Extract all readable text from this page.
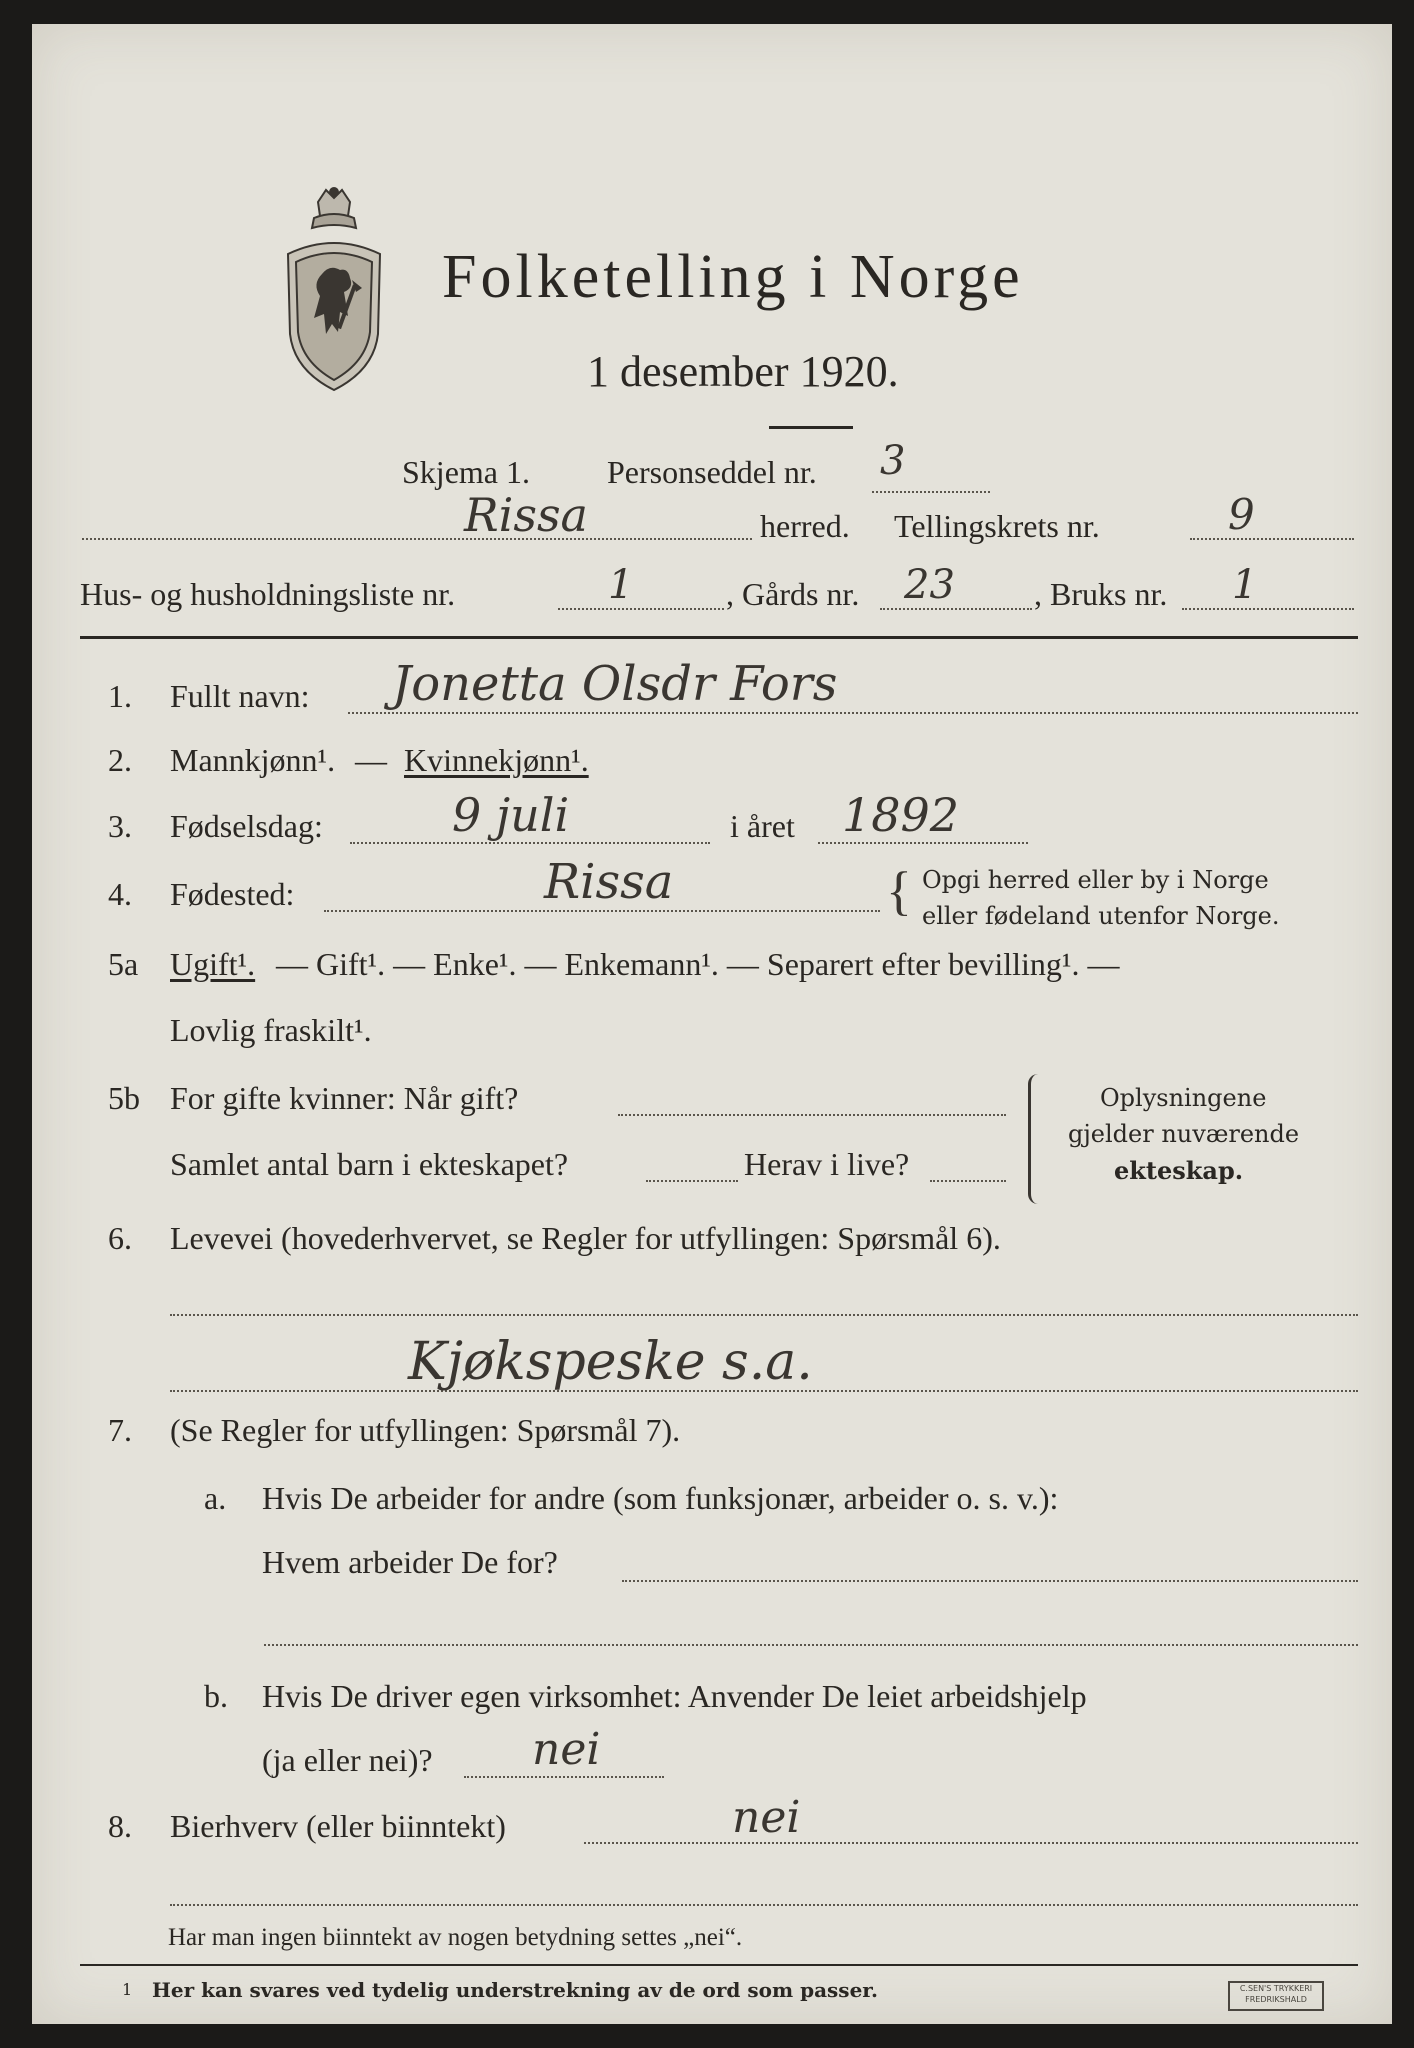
Folketelling i Norge
1 desember 1920.
Skjema 1. Personseddel nr. 3
Rissa	herred. Tellingskrets nr.	9
Hus- og husholdningsliste nr.	1	, Gårds nr. 23 , Bruks nr. 1
1. Fullt navn: Jonetta Olsdr Fors
2. Mannkjønn¹. — Kvinnekjønn¹.
3. Fødselsdag:	9 juli	i året 1892
4. Fødested:	Rissa	{ Opgi herred eller by i Norge
eller fødeland utenfor Norge.
5a Ugift¹. — Gift¹. — Enke¹. — Enkemann¹. — Separert efter bevilling¹. —
Lovlig fraskilt¹.
5b For gifte kvinner: Når gift?
Samlet antal barn i ekteskapet?	Herav i live?
Oplysningene
gjelder nuværende
ekteskap.
6. Levevei (hovederhvervet, se Regler for utfyllingen: Spørsmål 6).
Kjøkspeske s.a.
7. (Se Regler for utfyllingen: Spørsmål 7).
a. Hvis De arbeider for andre (som funksjonær, arbeider o. s. v.):
Hvem arbeider De for?
b. Hvis De driver egen virksomhet: Anvender De leiet arbeidshjelp
(ja eller nei)? nei
8. Bierhverv (eller biinntekt)	nei
Har man ingen biinntekt av nogen betydning settes „nei“.
1 Her kan svares ved tydelig understrekning av de ord som passer.	C.SEN'S TRYKKERI
FREDRIKSHALD
